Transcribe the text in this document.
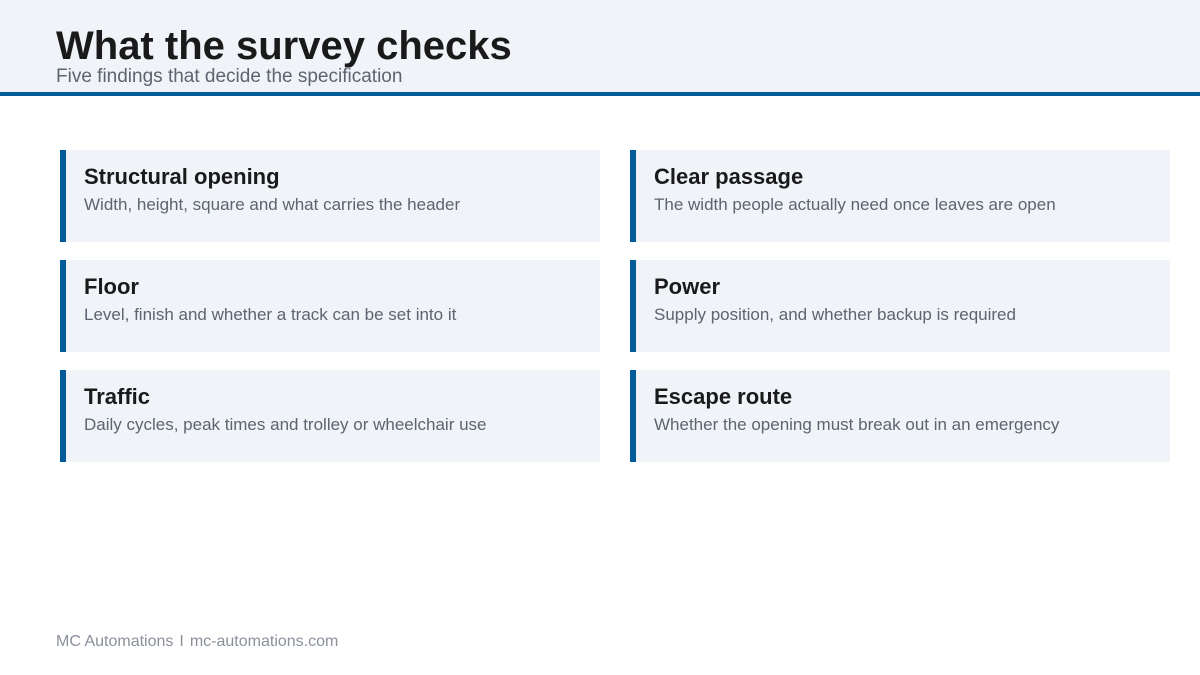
What the survey checks
Five findings that decide the specification
Structural opening
Width, height, square and what carries the header
Clear passage
The width people actually need once leaves are open
Floor
Level, finish and whether a track can be set into it
Power
Supply position, and whether backup is required
Traffic
Daily cycles, peak times and trolley or wheelchair use
Escape route
Whether the opening must break out in an emergency
MC Automations I mc-automations.com
